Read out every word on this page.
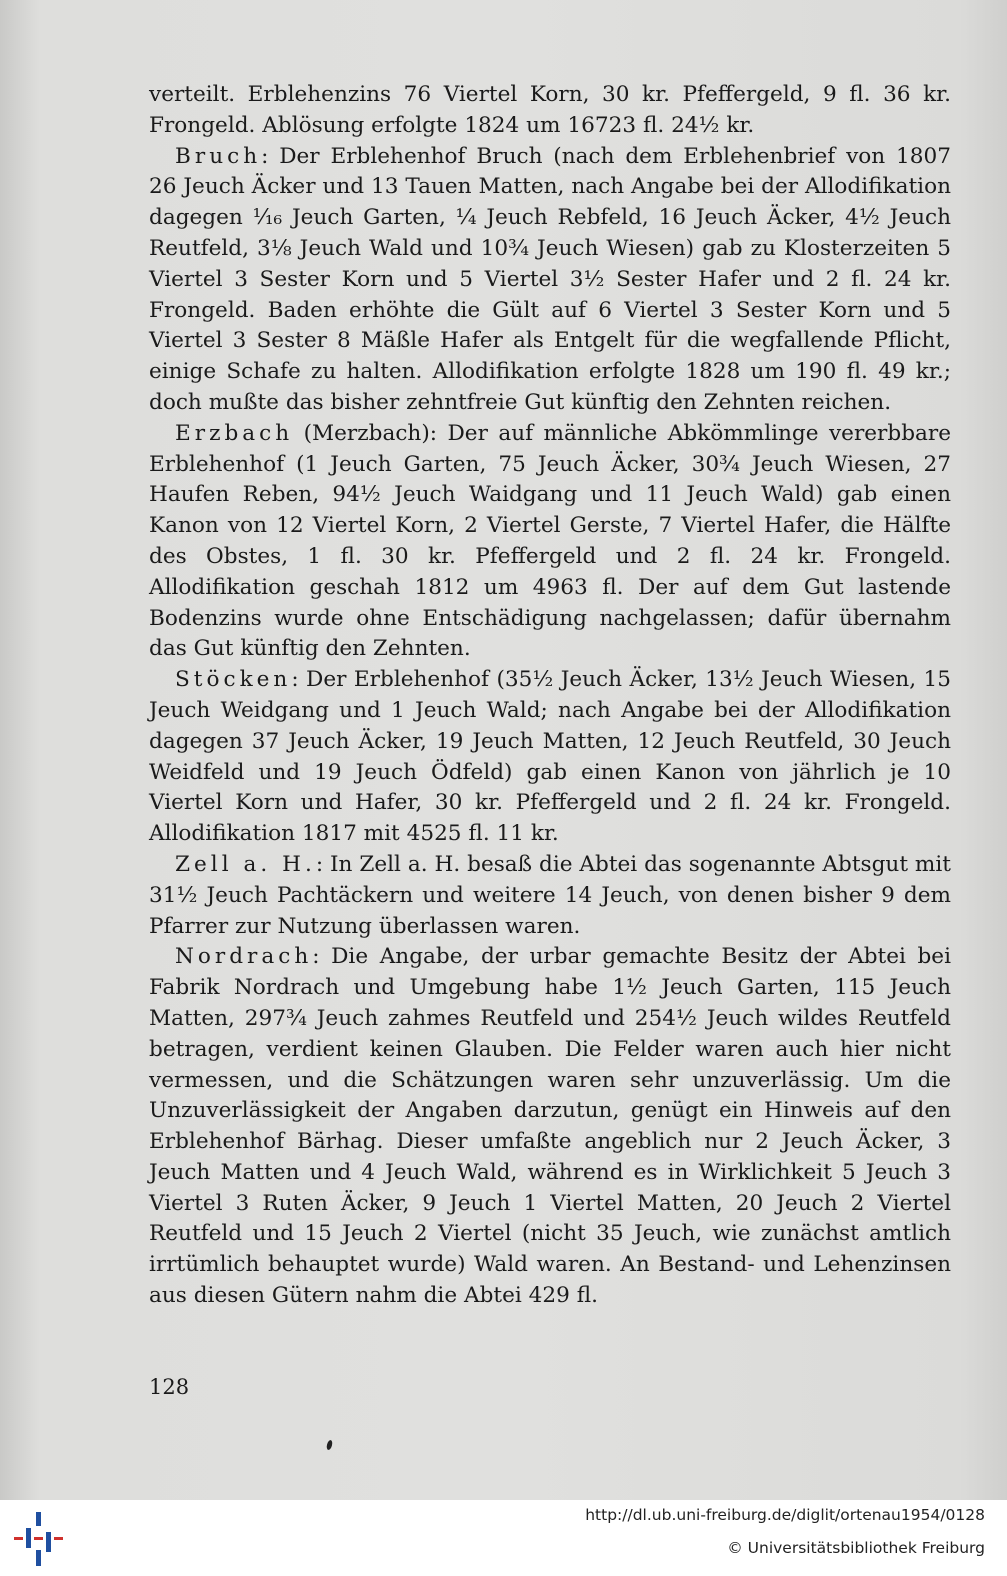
verteilt. Erblehenzins 76 Viertel Korn, 30 kr. Pfeffergeld, 9 fl. 36 kr. Frongeld. Ablösung erfolgte 1824 um 16723 fl. 24½ kr.

Bruch: Der Erblehenhof Bruch (nach dem Erblehenbrief von 1807 26 Jeuch Äcker und 13 Tauen Matten, nach Angabe bei der Allodifikation dagegen ¹⁄₁₆ Jeuch Garten, ¼ Jeuch Rebfeld, 16 Jeuch Äcker, 4½ Jeuch Reutfeld, 3⅛ Jeuch Wald und 10¾ Jeuch Wiesen) gab zu Klosterzeiten 5 Viertel 3 Sester Korn und 5 Viertel 3½ Sester Hafer und 2 fl. 24 kr. Frongeld. Baden erhöhte die Gült auf 6 Viertel 3 Sester Korn und 5 Viertel 3 Sester 8 Mäßle Hafer als Entgelt für die wegfallende Pflicht, einige Schafe zu halten. Allodifikation erfolgte 1828 um 190 fl. 49 kr.; doch mußte das bisher zehntfreie Gut künftig den Zehnten reichen.

Erzbach (Merzbach): Der auf männliche Abkömmlinge vererbbare Erblehenhof (1 Jeuch Garten, 75 Jeuch Äcker, 30¾ Jeuch Wiesen, 27 Haufen Reben, 94½ Jeuch Waidgang und 11 Jeuch Wald) gab einen Kanon von 12 Viertel Korn, 2 Viertel Gerste, 7 Viertel Hafer, die Hälfte des Obstes, 1 fl. 30 kr. Pfeffergeld und 2 fl. 24 kr. Frongeld. Allodifikation geschah 1812 um 4963 fl. Der auf dem Gut lastende Bodenzins wurde ohne Entschädigung nachgelassen; dafür übernahm das Gut künftig den Zehnten.

Stöcken: Der Erblehenhof (35½ Jeuch Äcker, 13½ Jeuch Wiesen, 15 Jeuch Weidgang und 1 Jeuch Wald; nach Angabe bei der Allodifikation dagegen 37 Jeuch Äcker, 19 Jeuch Matten, 12 Jeuch Reutfeld, 30 Jeuch Weidfeld und 19 Jeuch Ödfeld) gab einen Kanon von jährlich je 10 Viertel Korn und Hafer, 30 kr. Pfeffergeld und 2 fl. 24 kr. Frongeld. Allodifikation 1817 mit 4525 fl. 11 kr.

Zell a. H.: In Zell a. H. besaß die Abtei das sogenannte Abtsgut mit 31½ Jeuch Pachtäckern und weitere 14 Jeuch, von denen bisher 9 dem Pfarrer zur Nutzung überlassen waren.

Nordrach: Die Angabe, der urbar gemachte Besitz der Abtei bei Fabrik Nordrach und Umgebung habe 1½ Jeuch Garten, 115 Jeuch Matten, 297¾ Jeuch zahmes Reutfeld und 254½ Jeuch wildes Reutfeld betragen, verdient keinen Glauben. Die Felder waren auch hier nicht vermessen, und die Schätzungen waren sehr unzuverlässig. Um die Unzuverlässigkeit der Angaben darzutun, genügt ein Hinweis auf den Erblehenhof Bärhag. Dieser umfaßte angeblich nur 2 Jeuch Äcker, 3 Jeuch Matten und 4 Jeuch Wald, während es in Wirklichkeit 5 Jeuch 3 Viertel 3 Ruten Äcker, 9 Jeuch 1 Viertel Matten, 20 Jeuch 2 Viertel Reutfeld und 15 Jeuch 2 Viertel (nicht 35 Jeuch, wie zunächst amtlich irrtümlich behauptet wurde) Wald waren. An Bestand- und Lehenzinsen aus diesen Gütern nahm die Abtei 429 fl.

128
http://dl.ub.uni-freiburg.de/diglit/ortenau1954/0128
© Universitätsbibliothek Freiburg
